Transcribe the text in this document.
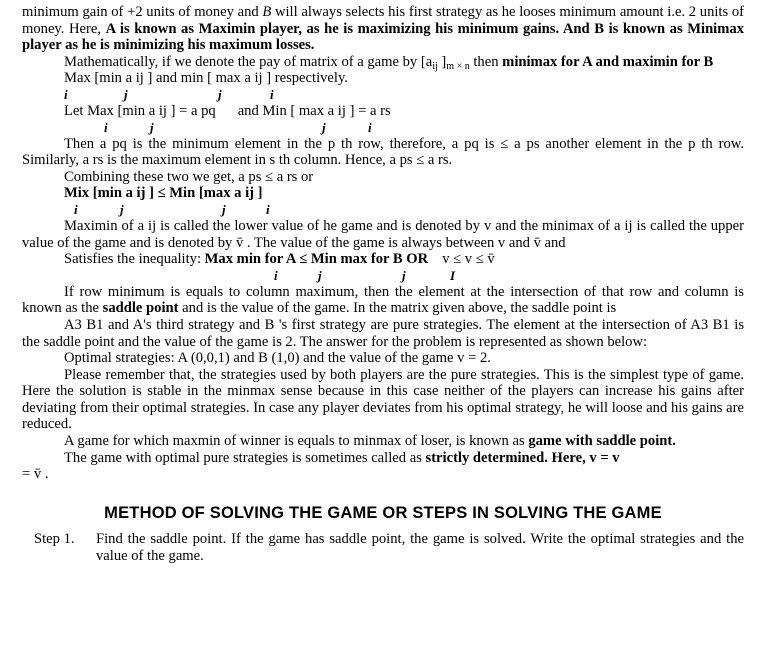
minimum gain of +2 units of money and B will always selects his first strategy as he looses minimum amount i.e. 2 units of money. Here, A is known as Maximin player, as he is maximizing his minimum gains. And B is known as Minimax player as he is minimizing his maximum losses.

Mathematically, if we denote the pay of matrix of a game by [$a_{ij}$ ]$_{m \times n}$ then minimax for A and maximin for B

Max [min a ij ] and min [ max a ij ] respectively.

i	j	j	i

Let Max [min a ij ] = a pq and Min [ max a ij ] = a rs

i	j	j	i

Then a pq is the minimum element in the p th row, therefore, a pq is ≤ a ps another element in the p th row. Similarly, a rs is the maximum element in s th column. Hence, a ps ≤ a rs.

Combining these two we get, a ps ≤ a rs or

Mix [min a ij ] ≤ Min [max a ij ]

i	j	j	i

Maximin of a ij is called the lower value of he game and is denoted by v and the minimax of a ij is called the upper value of the game and is denoted by v̄ . The value of the game is always between v and v̄ and

Satisfies the inequality: Max min for A ≤ Min max for B OR v ≤ v ≤ v̄

i	j	j	I

If row minimum is equals to column maximum, then the element at the intersection of that row and column is known as the saddle point and is the value of the game. In the matrix given above, the saddle point is

A3 B1 and A's third strategy and B 's first strategy are pure strategies. The element at the intersection of A3 B1 is the saddle point and the value of the game is 2. The answer for the problem is represented as shown below:

Optimal strategies: A (0,0,1) and B (1,0) and the value of the game v = 2.

Please remember that, the strategies used by both players are the pure strategies. This is the simplest type of game. Here the solution is stable in the minmax sense because in this case neither of the players can increase his gains after deviating from their optimal strategies. In case any player deviates from his optimal strategy, he will loose and his gains are reduced.

A game for which maxmin of winner is equals to minmax of loser, is known as game with saddle point.

The game with optimal pure strategies is sometimes called as strictly determined. Here, v = v

= v̄ .

METHOD OF SOLVING THE GAME OR STEPS IN SOLVING THE GAME
Step 1.	Find the saddle point. If the game has saddle point, the game is solved. Write the optimal strategies and the value of the game.
